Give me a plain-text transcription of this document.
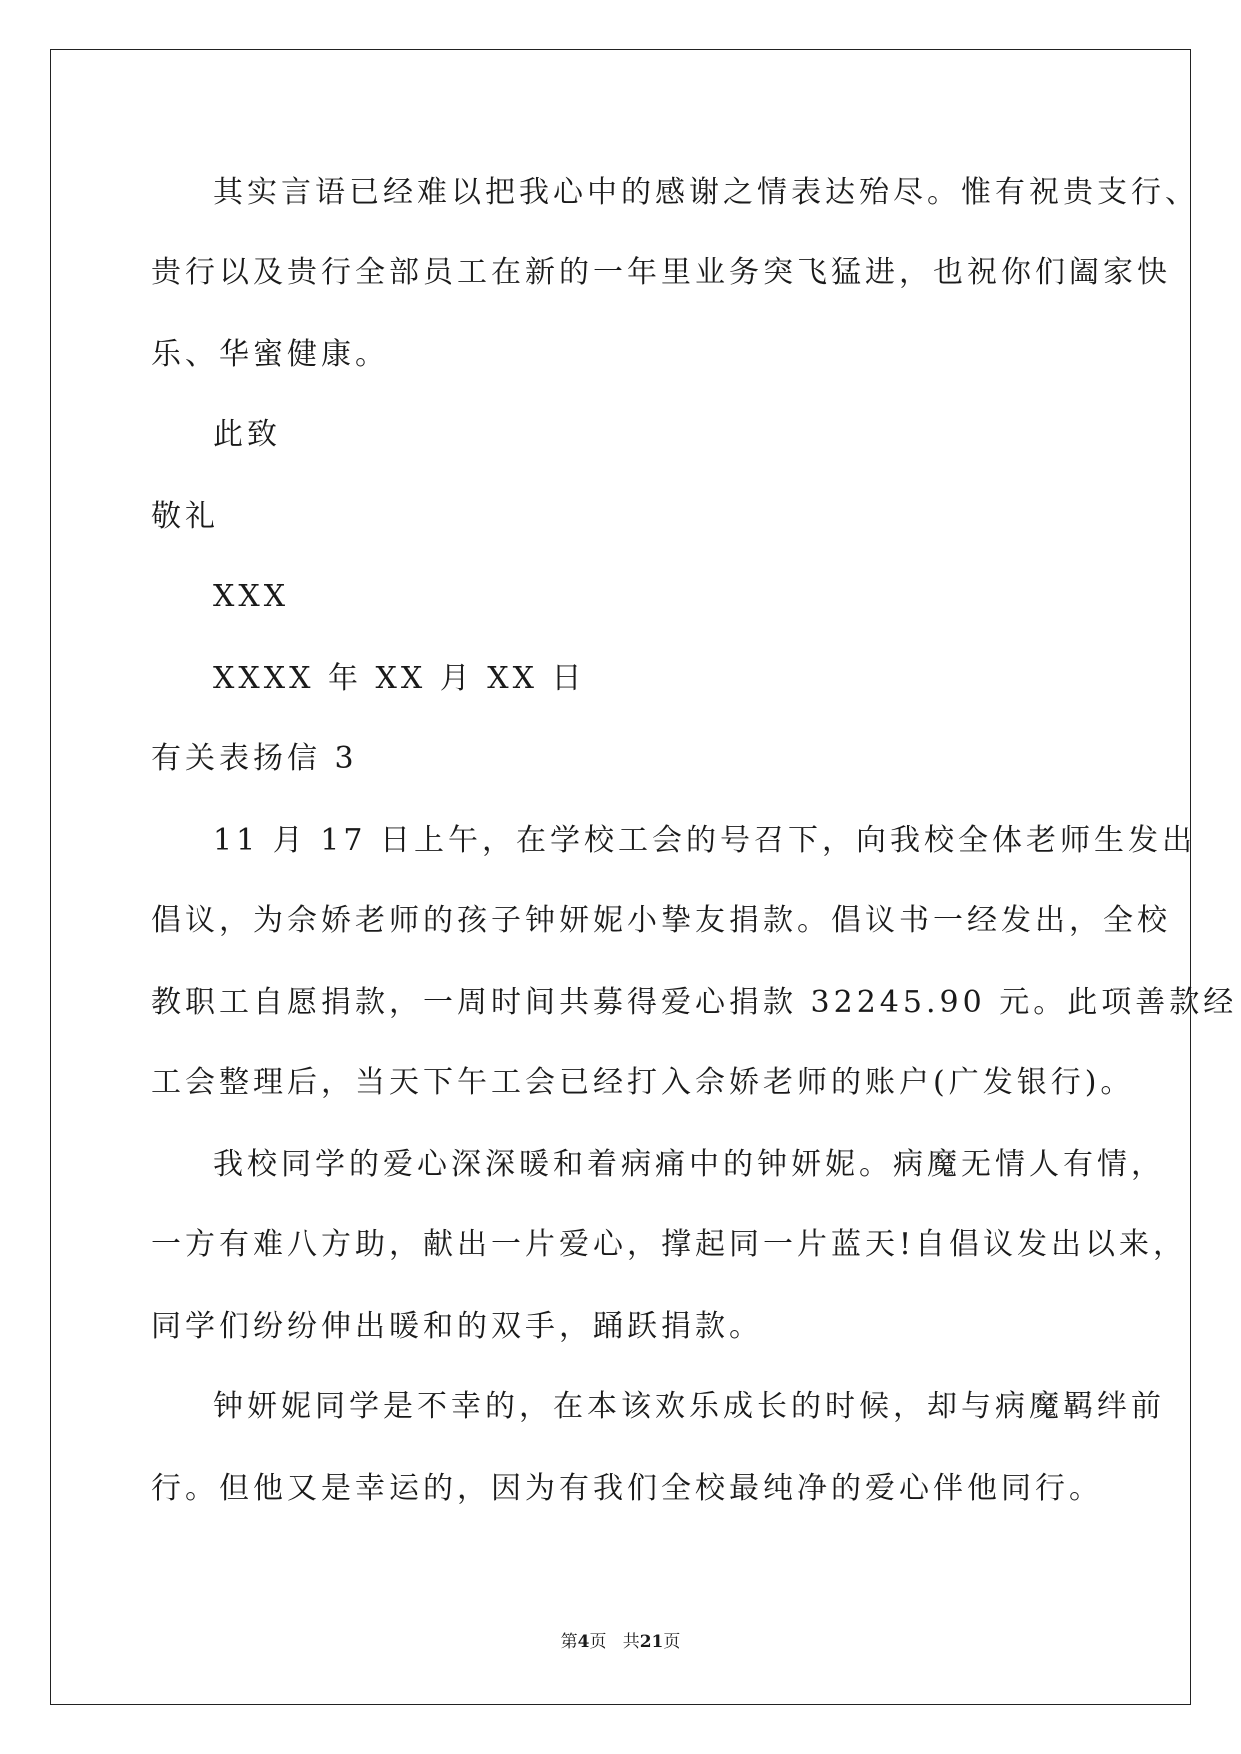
其实言语已经难以把我心中的感谢之情表达殆尽。惟有祝贵支行、
贵行以及贵行全部员工在新的一年里业务突飞猛进，也祝你们阖家快
乐、华蜜健康。
此致
敬礼
XXX
XXXX 年 XX 月 XX 日
有关表扬信 3
11 月 17 日上午，在学校工会的号召下，向我校全体老师生发出
倡议，为佘娇老师的孩子钟妍妮小挚友捐款。倡议书一经发出，全校
教职工自愿捐款，一周时间共募得爱心捐款 32245.90 元。此项善款经
工会整理后，当天下午工会已经打入佘娇老师的账户(广发银行)。
我校同学的爱心深深暖和着病痛中的钟妍妮。病魔无情人有情，
一方有难八方助，献出一片爱心，撑起同一片蓝天!自倡议发出以来，
同学们纷纷伸出暖和的双手，踊跃捐款。
钟妍妮同学是不幸的，在本该欢乐成长的时候，却与病魔羁绊前
行。但他又是幸运的，因为有我们全校最纯净的爱心伴他同行。
第4页 共21页
